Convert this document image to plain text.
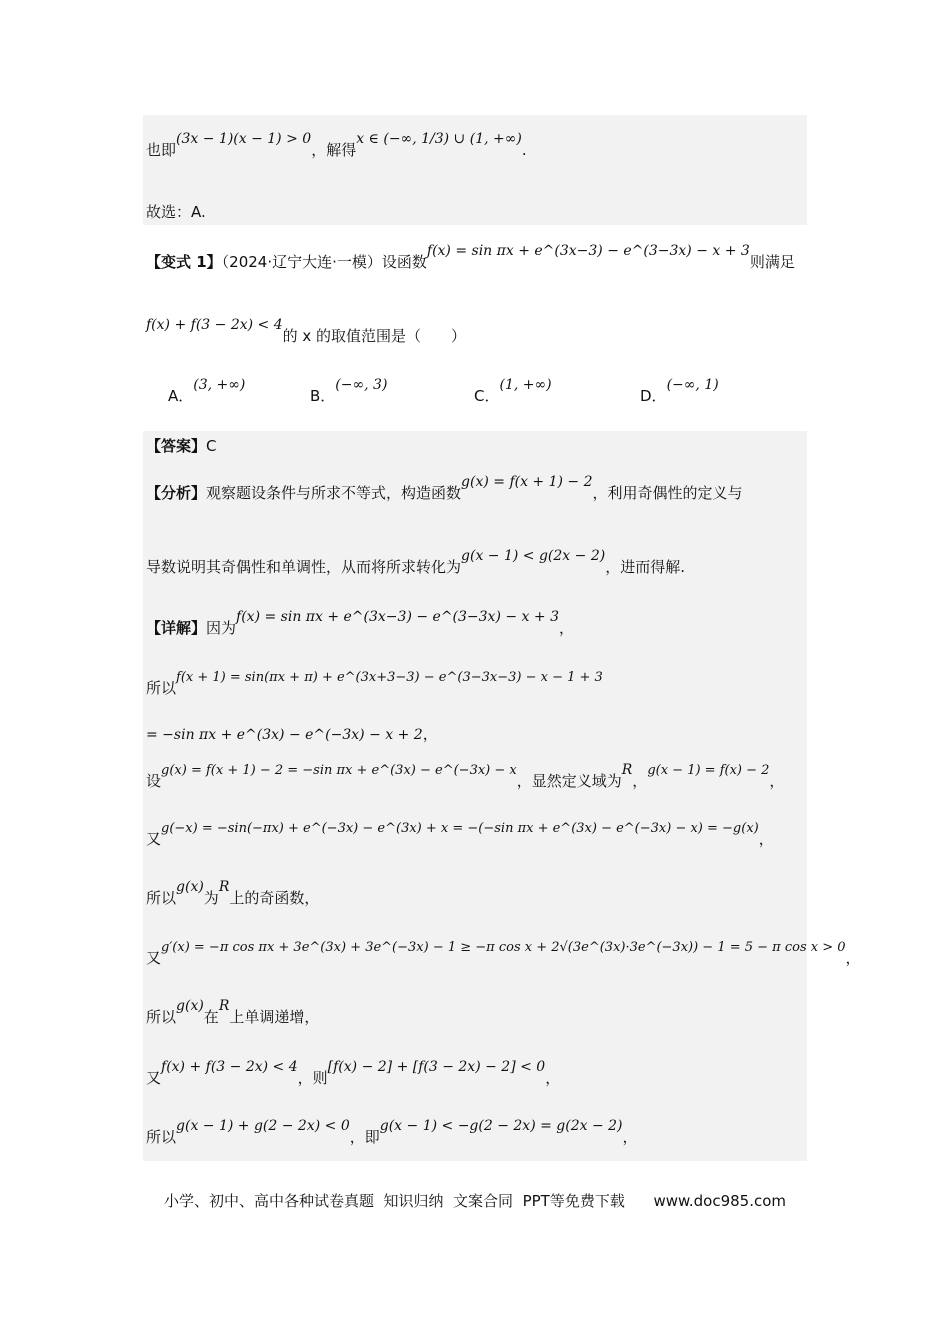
也即(3x − 1)(x − 1) > 0，解得x ∈ (−∞, 1/3) ∪ (1, +∞).
故选：A.
【变式 1】（2024·辽宁大连·一模）设函数f(x) = sin πx + e^(3x−3) − e^(3−3x) − x + 3则满足
f(x) + f(3 − 2x) < 4的 x 的取值范围是（　　）
A．(3, +∞)
B．(−∞, 3)
C．(1, +∞)
D．(−∞, 1)
【答案】C
【分析】观察题设条件与所求不等式，构造函数g(x) = f(x + 1) − 2，利用奇偶性的定义与
导数说明其奇偶性和单调性，从而将所求转化为g(x − 1) < g(2x − 2)，进而得解.
【详解】因为f(x) = sin πx + e^(3x−3) − e^(3−3x) − x + 3，
所以f(x + 1) = sin(πx + π) + e^(3x+3−3) − e^(3−3x−3) − x − 1 + 3
= −sin πx + e^(3x) − e^(−3x) − x + 2，
设g(x) = f(x + 1) − 2 = −sin πx + e^(3x) − e^(−3x) − x，显然定义域为R，g(x − 1) = f(x) − 2，
又g(−x) = −sin(−πx) + e^(−3x) − e^(3x) + x = −(−sin πx + e^(3x) − e^(−3x) − x) = −g(x)，
所以g(x)为R上的奇函数，
又g′(x) = −π cos πx + 3e^(3x) + 3e^(−3x) − 1 ≥ −π cos x + 2√(3e^(3x)·3e^(−3x)) − 1 = 5 − π cos x > 0，
所以g(x)在R上单调递增，
又f(x) + f(3 − 2x) < 4，则[f(x) − 2] + [f(3 − 2x) − 2] < 0，
所以g(x − 1) + g(2 − 2x) < 0，即g(x − 1) < −g(2 − 2x) = g(2x − 2)，
小学、初中、高中各种试卷真题  知识归纳  文案合同  PPT等免费下载 www.doc985.com
